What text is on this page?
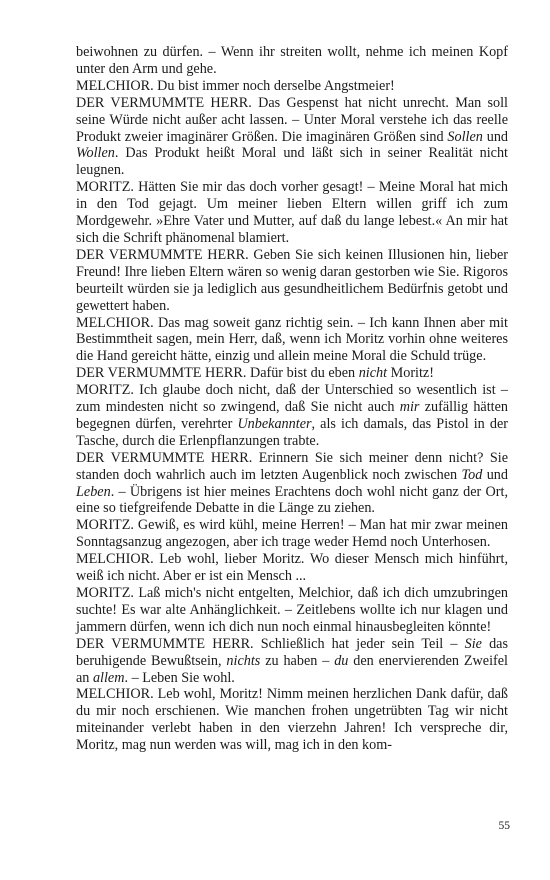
beiwohnen zu dürfen. – Wenn ihr streiten wollt, nehme ich meinen Kopf unter den Arm und gehe.

MELCHIOR. Du bist immer noch derselbe Angstmeier!

DER VERMUMMTE HERR. Das Gespenst hat nicht unrecht. Man soll seine Würde nicht außer acht lassen. – Unter Moral verstehe ich das reelle Produkt zweier imaginärer Größen. Die imaginären Größen sind Sollen und Wollen. Das Produkt heißt Moral und läßt sich in seiner Realität nicht leugnen.

MORITZ. Hätten Sie mir das doch vorher gesagt! – Meine Moral hat mich in den Tod gejagt. Um meiner lieben Eltern willen griff ich zum Mordgewehr. »Ehre Vater und Mutter, auf daß du lange lebest.« An mir hat sich die Schrift phänomenal blamiert.

DER VERMUMMTE HERR. Geben Sie sich keinen Illusionen hin, lieber Freund! Ihre lieben Eltern wären so wenig daran gestorben wie Sie. Rigoros beurteilt würden sie ja lediglich aus gesundheitlichem Bedürfnis getobt und gewettert haben.

MELCHIOR. Das mag soweit ganz richtig sein. – Ich kann Ihnen aber mit Bestimmtheit sagen, mein Herr, daß, wenn ich Moritz vorhin ohne weiteres die Hand gereicht hätte, einzig und allein meine Moral die Schuld trüge.

DER VERMUMMTE HERR. Dafür bist du eben nicht Moritz!

MORITZ. Ich glaube doch nicht, daß der Unterschied so wesentlich ist – zum mindesten nicht so zwingend, daß Sie nicht auch mir zufällig hätten begegnen dürfen, verehrter Unbekannter, als ich damals, das Pistol in der Tasche, durch die Erlenpflanzungen trabte.

DER VERMUMMTE HERR. Erinnern Sie sich meiner denn nicht? Sie standen doch wahrlich auch im letzten Augenblick noch zwischen Tod und Leben. – Übrigens ist hier meines Erachtens doch wohl nicht ganz der Ort, eine so tiefgreifende Debatte in die Länge zu ziehen.

MORITZ. Gewiß, es wird kühl, meine Herren! – Man hat mir zwar meinen Sonntagsanzug angezogen, aber ich trage weder Hemd noch Unterhosen.

MELCHIOR. Leb wohl, lieber Moritz. Wo dieser Mensch mich hinführt, weiß ich nicht. Aber er ist ein Mensch ...

MORITZ. Laß mich's nicht entgelten, Melchior, daß ich dich umzubringen suchte! Es war alte Anhänglichkeit. – Zeitlebens wollte ich nur klagen und jammern dürfen, wenn ich dich nun noch einmal hinausbegleiten könnte!

DER VERMUMMTE HERR. Schließlich hat jeder sein Teil – Sie das beruhigende Bewußtsein, nichts zu haben – du den enervierenden Zweifel an allem. – Leben Sie wohl.

MELCHIOR. Leb wohl, Moritz! Nimm meinen herzlichen Dank dafür, daß du mir noch erschienen. Wie manchen frohen ungetrübten Tag wir nicht miteinander verlebt haben in den vierzehn Jahren! Ich verspreche dir, Moritz, mag nun werden was will, mag ich in den kom-

55
